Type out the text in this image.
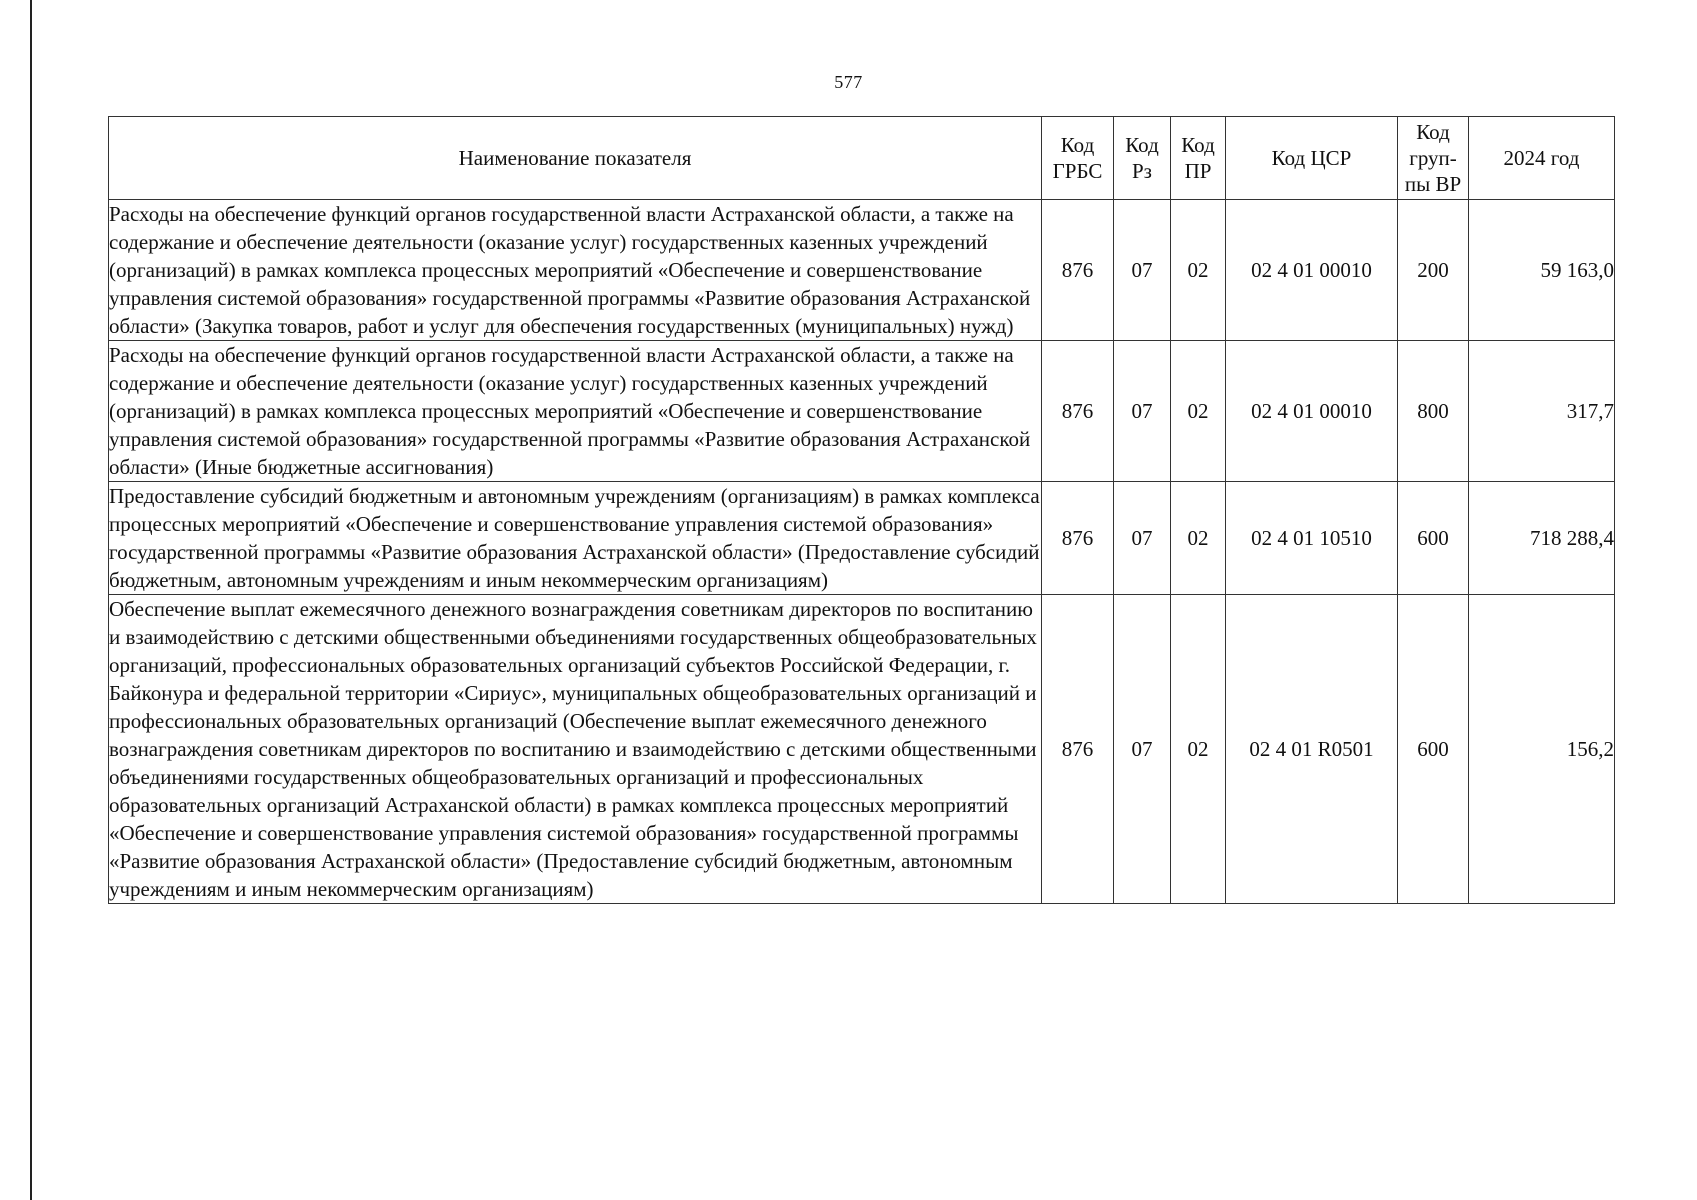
577
Наименование показателя	Код ГРБС	Код Рз	Код ПР	Код ЦСР	Код груп-пы ВР	2024 год
Расходы на обеспечение функций органов государственной власти Астраханской области, а также на содержание и обеспечение деятельности (оказание услуг) государственных казенных учреждений (организаций) в рамках комплекса процессных мероприятий «Обеспечение и совершенствование управления системой образования» государственной программы «Развитие образования Астраханской области» (Закупка товаров, работ и услуг для обеспечения государственных (муниципальных) нужд)	876	07	02	02 4 01 00010	200	59 163,0
Расходы на обеспечение функций органов государственной власти Астраханской области, а также на содержание и обеспечение деятельности (оказание услуг) государственных казенных учреждений (организаций) в рамках комплекса процессных мероприятий «Обеспечение и совершенствование управления системой образования» государственной программы «Развитие образования Астраханской области» (Иные бюджетные ассигнования)	876	07	02	02 4 01 00010	800	317,7
Предоставление субсидий бюджетным и автономным учреждениям (организациям) в рамках комплекса процессных мероприятий «Обеспечение и совершенствование управления системой образования» государственной программы «Развитие образования Астраханской области» (Предоставление субсидий бюджетным, автономным учреждениям и иным некоммерческим организациям)	876	07	02	02 4 01 10510	600	718 288,4
Обеспечение выплат ежемесячного денежного вознаграждения советникам директоров по воспитанию и взаимодействию с детскими общественными объединениями государственных общеобразовательных организаций, профессиональных образовательных организаций субъектов Российской Федерации, г. Байконура и федеральной территории «Сириус», муниципальных общеобразовательных организаций и профессиональных образовательных организаций (Обеспечение выплат ежемесячного денежного вознаграждения советникам директоров по воспитанию и взаимодействию с детскими общественными объединениями государственных общеобразовательных организаций и профессиональных образовательных организаций Астраханской области) в рамках комплекса процессных мероприятий «Обеспечение и совершенствование управления системой образования» государственной программы «Развитие образования Астраханской области» (Предоставление субсидий бюджетным, автономным учреждениям и иным некоммерческим организациям)	876	07	02	02 4 01 R0501	600	156,2
